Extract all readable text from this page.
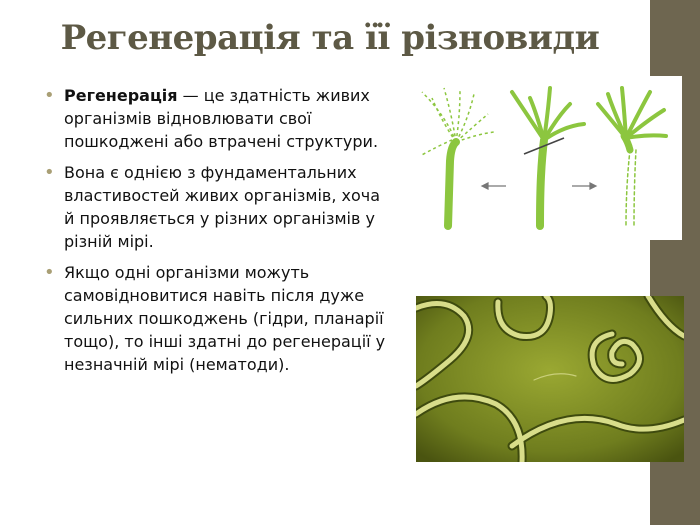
Регенерація та її різновиди
• Регенерація — це здатність живих організмів відновлювати свої пошкоджені або втрачені структури.
• Вона є однією з фундаментальних властивостей живих організмів, хоча й проявляється у різних організмів у різній мірі.
• Якщо одні організми можуть самовідновитися навіть після дуже сильних пошкоджень (гідри, планарії тощо), то інші здатні до регенерації у незначній мірі (нематоди).
